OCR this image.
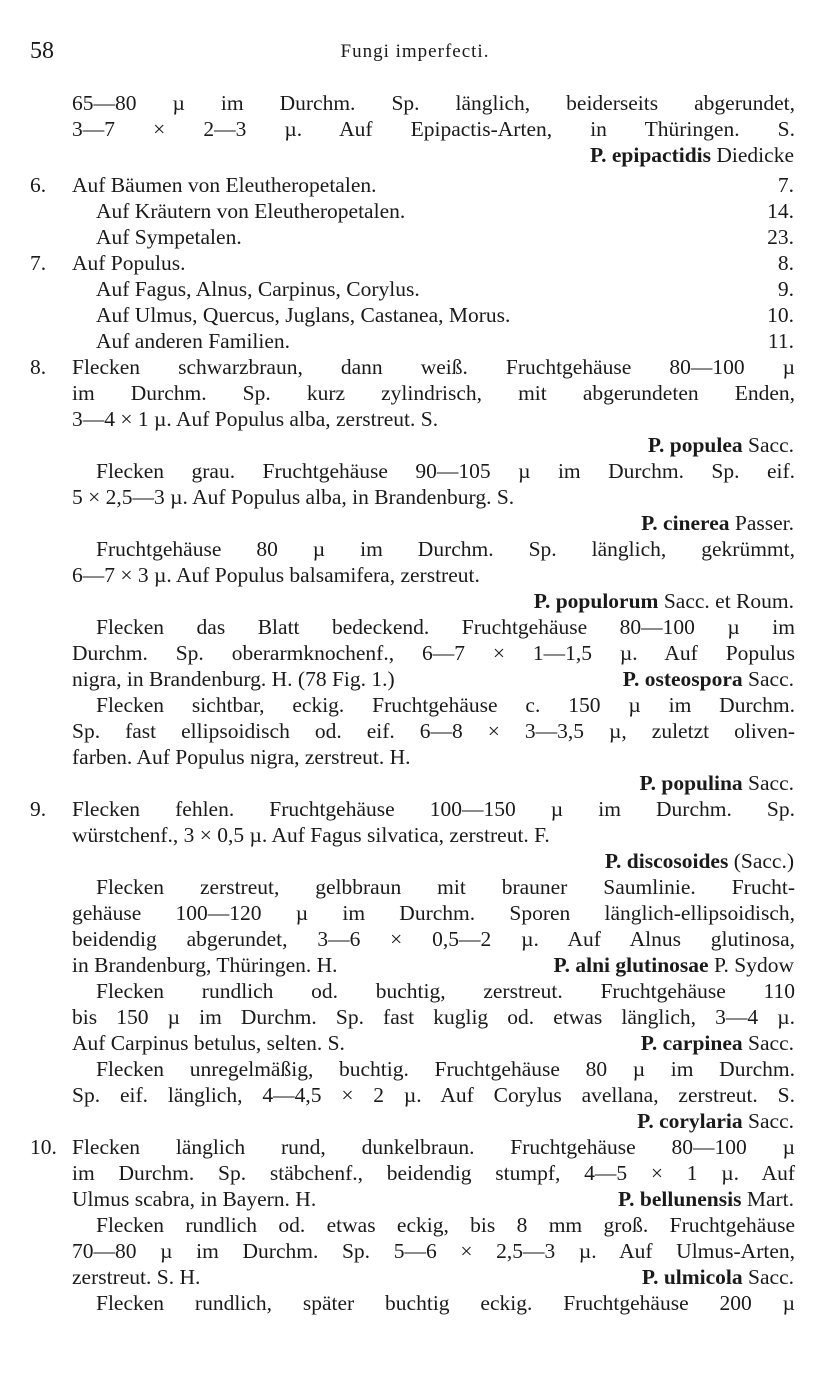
58	Fungi imperfecti.
65—80 µ im Durchm. Sp. länglich, beiderseits abgerundet,
3—7 × 2—3 µ. Auf Epipactis-Arten, in Thüringen. S.
P. epipactidis Diedicke
6. Auf Bäumen von Eleutheropetalen.	7.
Auf Kräutern von Eleutheropetalen.	14.
Auf Sympetalen.	23.
7. Auf Populus.	8.
Auf Fagus, Alnus, Carpinus, Corylus.	9.
Auf Ulmus, Quercus, Juglans, Castanea, Morus.	10.
Auf anderen Familien.	11.
8. Flecken schwarzbraun, dann weiß. Fruchtgehäuse 80—100 µ
im Durchm. Sp. kurz zylindrisch, mit abgerundeten Enden,
3—4 × 1 µ. Auf Populus alba, zerstreut. S.
P. populea Sacc.
Flecken grau. Fruchtgehäuse 90—105 µ im Durchm. Sp. eif.
5 × 2,5—3 µ. Auf Populus alba, in Brandenburg. S.
P. cinerea Passer.
Fruchtgehäuse 80 µ im Durchm. Sp. länglich, gekrümmt,
6—7 × 3 µ. Auf Populus balsamifera, zerstreut.
P. populorum Sacc. et Roum.
Flecken das Blatt bedeckend. Fruchtgehäuse 80—100 µ im
Durchm. Sp. oberarmknochenf., 6—7 × 1—1,5 µ. Auf Populus
nigra, in Brandenburg. H. (78 Fig. 1.)	P. osteospora Sacc.
Flecken sichtbar, eckig. Fruchtgehäuse c. 150 µ im Durchm.
Sp. fast ellipsoidisch od. eif. 6—8 × 3—3,5 µ, zuletzt oliven-
farben. Auf Populus nigra, zerstreut. H.
P. populina Sacc.
9. Flecken fehlen. Fruchtgehäuse 100—150 µ im Durchm. Sp.
würstchenf., 3 × 0,5 µ. Auf Fagus silvatica, zerstreut. F.
P. discosoides (Sacc.)
Flecken zerstreut, gelbbraun mit brauner Saumlinie. Frucht-
gehäuse 100—120 µ im Durchm. Sporen länglich-ellipsoidisch,
beidendig abgerundet, 3—6 × 0,5—2 µ. Auf Alnus glutinosa,
in Brandenburg, Thüringen. H.	P. alni glutinosae P. Sydow
Flecken rundlich od. buchtig, zerstreut. Fruchtgehäuse 110
bis 150 µ im Durchm. Sp. fast kuglig od. etwas länglich, 3—4 µ.
Auf Carpinus betulus, selten. S.	P. carpinea Sacc.
Flecken unregelmäßig, buchtig. Fruchtgehäuse 80 µ im Durchm.
Sp. eif. länglich, 4—4,5 × 2 µ. Auf Corylus avellana, zerstreut. S.
P. corylaria Sacc.
10. Flecken länglich rund, dunkelbraun. Fruchtgehäuse 80—100 µ
im Durchm. Sp. stäbchenf., beidendig stumpf, 4—5 × 1 µ. Auf
Ulmus scabra, in Bayern. H.	P. bellunensis Mart.
Flecken rundlich od. etwas eckig, bis 8 mm groß. Fruchtgehäuse
70—80 µ im Durchm. Sp. 5—6 × 2,5—3 µ. Auf Ulmus-Arten,
zerstreut. S. H.	P. ulmicola Sacc.
Flecken rundlich, später buchtig eckig. Fruchtgehäuse 200 µ
